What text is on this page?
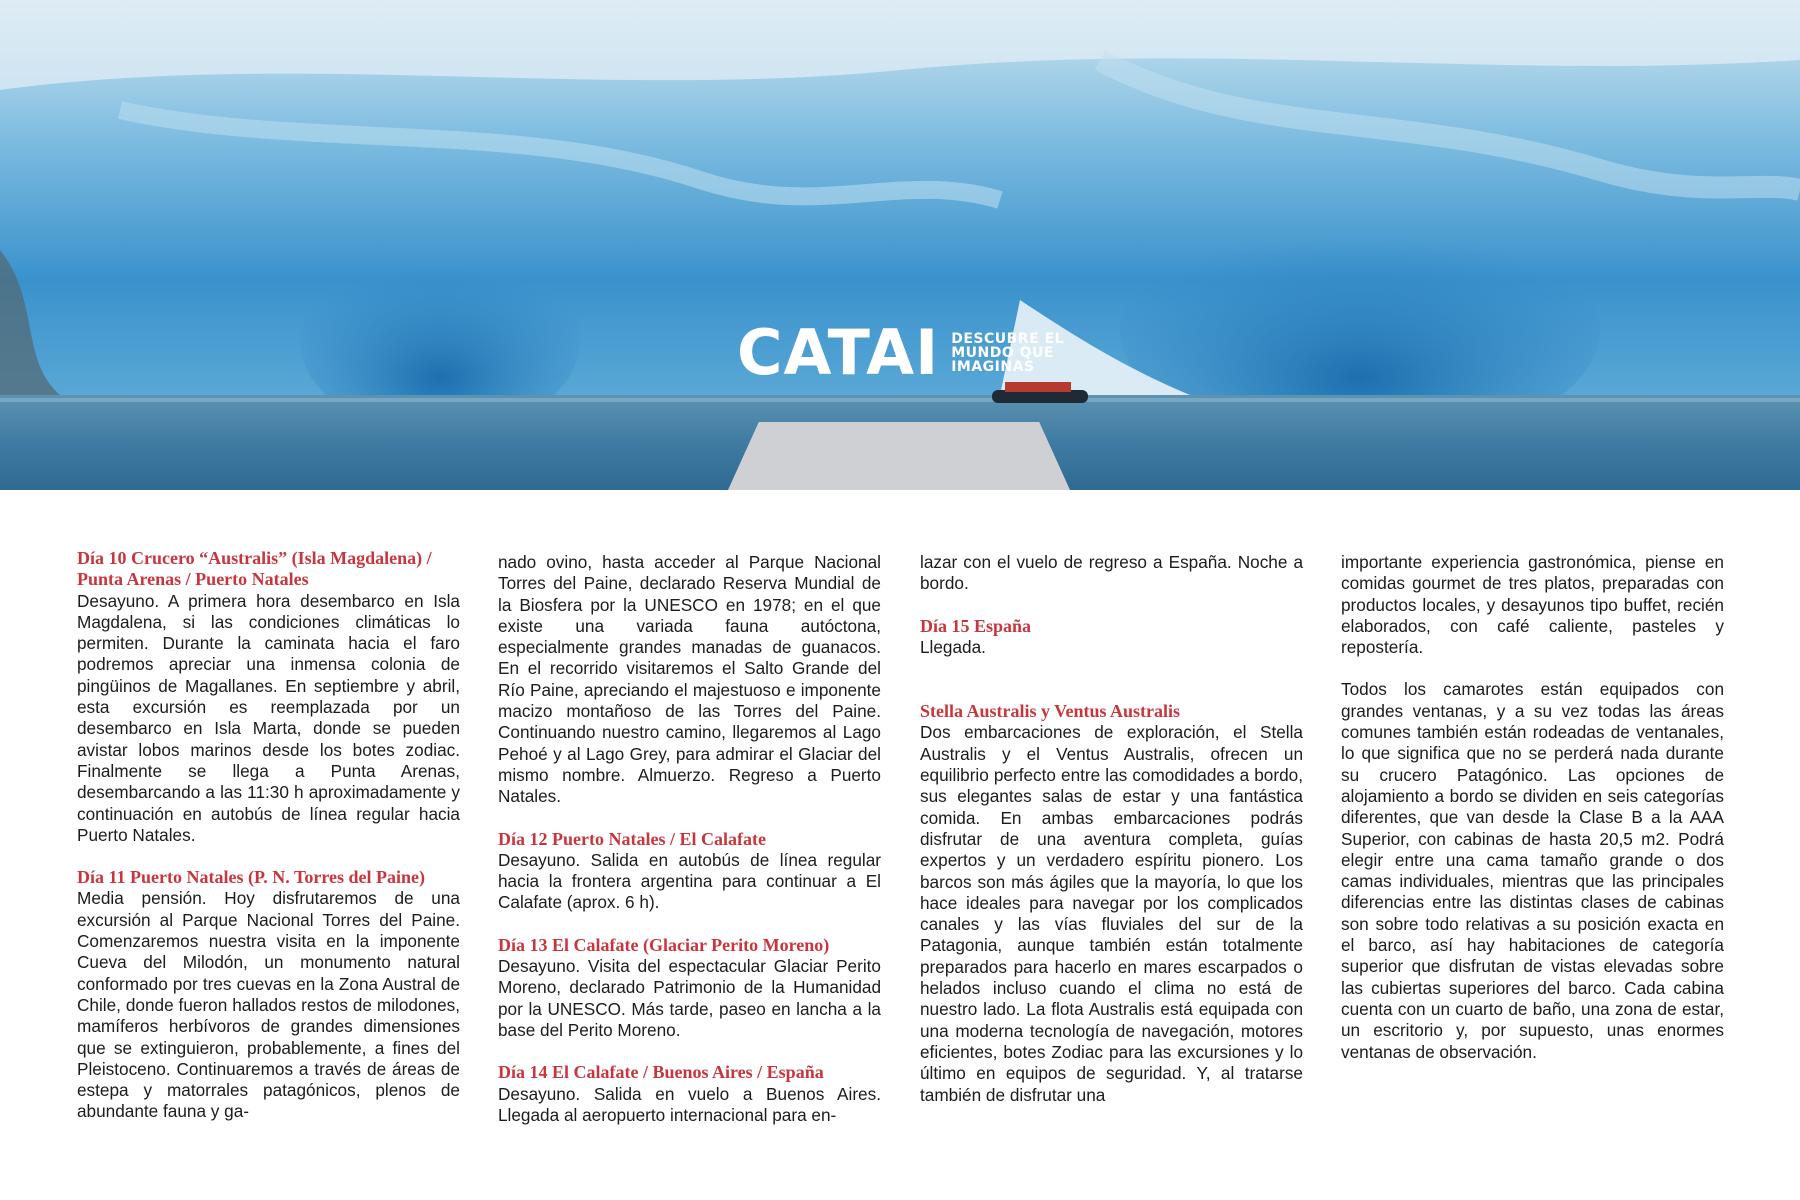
CATAI DESCUBRE EL
MUNDO QUE
IMAGINAS
Día 10 Crucero “Australis” (Isla Magdalena) / Punta Arenas / Puerto Natales

Desayuno. A primera hora desembarco en Isla Magdalena, si las condiciones climáticas lo permiten. Durante la caminata hacia el faro podremos apreciar una inmensa colonia de pingüinos de Magallanes. En septiembre y abril, esta excursión es reemplazada por un desembarco en Isla Marta, donde se pueden avistar lobos marinos desde los botes zodiac. Finalmente se llega a Punta Arenas, desembarcando a las 11:30 h aproximadamente y continuación en autobús de línea regular hacia Puerto Natales.

Día 11 Puerto Natales (P. N. Torres del Paine)

Media pensión. Hoy disfrutaremos de una excursión al Parque Nacional Torres del Paine. Comenzaremos nuestra visita en la imponente Cueva del Milodón, un monumento natural conformado por tres cuevas en la Zona Austral de Chile, donde fueron hallados restos de milodones, mamíferos herbívoros de grandes dimensiones que se extinguieron, probablemente, a fines del Pleistoceno. Continuaremos a través de áreas de estepa y matorrales patagónicos, plenos de abundante fauna y ga-

nado ovino, hasta acceder al Parque Nacional Torres del Paine, declarado Reserva Mundial de la Biosfera por la UNESCO en 1978; en el que existe una variada fauna autóctona, especialmente grandes manadas de guanacos. En el recorrido visitaremos el Salto Grande del Río Paine, apreciando el majestuoso e imponente macizo montañoso de las Torres del Paine. Continuando nuestro camino, llegaremos al Lago Pehoé y al Lago Grey, para admirar el Glaciar del mismo nombre. Almuerzo. Regreso a Puerto Natales.

Día 12 Puerto Natales / El Calafate

Desayuno. Salida en autobús de línea regular hacia la frontera argentina para continuar a El Calafate (aprox. 6 h).

Día 13 El Calafate (Glaciar Perito Moreno)

Desayuno. Visita del espectacular Glaciar Perito Moreno, declarado Patrimonio de la Humanidad por la UNESCO. Más tarde, paseo en lancha a la base del Perito Moreno.

Día 14 El Calafate / Buenos Aires / España

Desayuno. Salida en vuelo a Buenos Aires. Llegada al aeropuerto internacional para en-

lazar con el vuelo de regreso a España. Noche a bordo.

Día 15 España

Llegada.

Stella Australis y Ventus Australis

Dos embarcaciones de exploración, el Stella Australis y el Ventus Australis, ofrecen un equilibrio perfecto entre las comodidades a bordo, sus elegantes salas de estar y una fantástica comida. En ambas embarcaciones podrás disfrutar de una aventura completa, guías expertos y un verdadero espíritu pionero. Los barcos son más ágiles que la mayoría, lo que los hace ideales para navegar por los complicados canales y las vías fluviales del sur de la Patagonia, aunque también están totalmente preparados para hacerlo en mares escarpados o helados incluso cuando el clima no está de nuestro lado. La flota Australis está equipada con una moderna tecnología de navegación, motores eficientes, botes Zodiac para las excursiones y lo último en equipos de seguridad. Y, al tratarse también de disfrutar una

importante experiencia gastronómica, piense en comidas gourmet de tres platos, preparadas con productos locales, y desayunos tipo buffet, recién elaborados, con café caliente, pasteles y repostería.

Todos los camarotes están equipados con grandes ventanas, y a su vez todas las áreas comunes también están rodeadas de ventanales, lo que significa que no se perderá nada durante su crucero Patagónico. Las opciones de alojamiento a bordo se dividen en seis categorías diferentes, que van desde la Clase B a la AAA Superior, con cabinas de hasta 20,5 m2. Podrá elegir entre una cama tamaño grande o dos camas individuales, mientras que las principales diferencias entre las distintas clases de cabinas son sobre todo relativas a su posición exacta en el barco, así hay habitaciones de categoría superior que disfrutan de vistas elevadas sobre las cubiertas superiores del barco. Cada cabina cuenta con un cuarto de baño, una zona de estar, un escritorio y, por supuesto, unas enormes ventanas de observación.
